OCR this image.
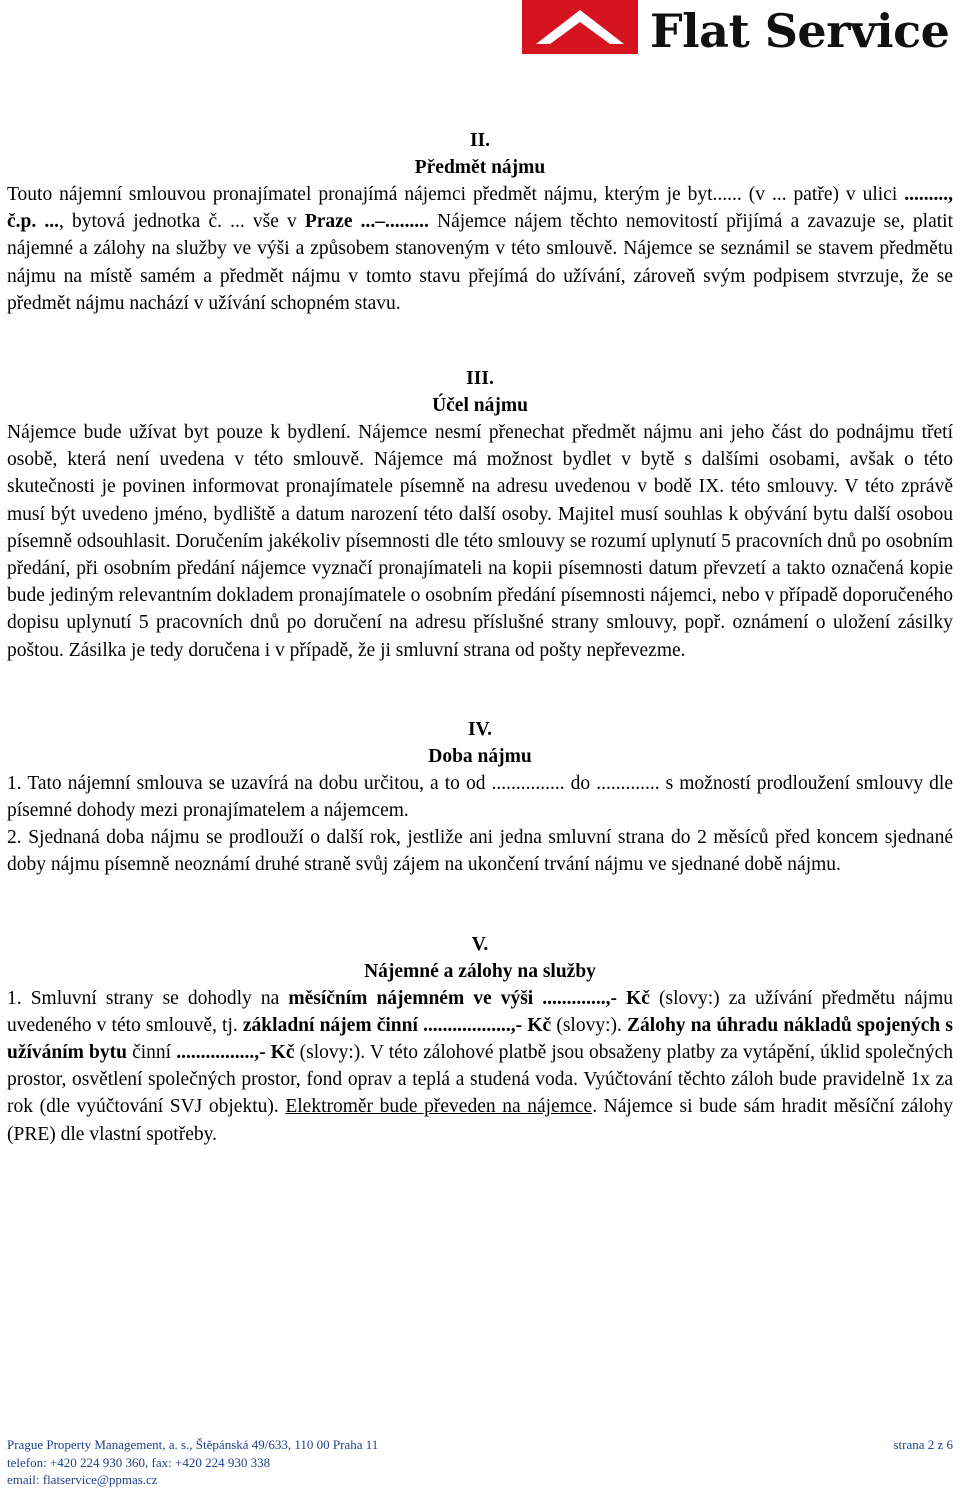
Flat Service
II.
Předmět nájmu

Touto nájemní smlouvou pronajímatel pronajímá nájemci předmět nájmu, kterým je byt...... (v ... patře) v ulici ........., č.p. ..., bytová jednotka č. ... vše v Praze ...–......... Nájemce nájem těchto nemovitostí přijímá a zavazuje se, platit nájemné a zálohy na služby ve výši a způsobem stanoveným v této smlouvě. Nájemce se seznámil se stavem předmětu nájmu na místě samém a předmět nájmu v tomto stavu přejímá do užívání, zároveň svým podpisem stvrzuje, že se předmět nájmu nachází v užívání schopném stavu.

III.
Účel nájmu

Nájemce bude užívat byt pouze k bydlení. Nájemce nesmí přenechat předmět nájmu ani jeho část do podnájmu třetí osobě, která není uvedena v této smlouvě. Nájemce má možnost bydlet v bytě s dalšími osobami, avšak o této skutečnosti je povinen informovat pronajímatele písemně na adresu uvedenou v bodě IX. této smlouvy. V této zprávě musí být uvedeno jméno, bydliště a datum narození této další osoby. Majitel musí souhlas k obývání bytu další osobou písemně odsouhlasit. Doručením jakékoliv písemnosti dle této smlouvy se rozumí uplynutí 5 pracovních dnů po osobním předání, při osobním předání nájemce vyznačí pronajímateli na kopii písemnosti datum převzetí a takto označená kopie bude jediným relevantním dokladem pronajímatele o osobním předání písemnosti nájemci, nebo v případě doporučeného dopisu uplynutí 5 pracovních dnů po doručení na adresu příslušné strany smlouvy, popř. oznámení o uložení zásilky poštou. Zásilka je tedy doručena i v případě, že ji smluvní strana od pošty nepřevezme.

IV.
Doba nájmu

1. Tato nájemní smlouva se uzavírá na dobu určitou, a to od ............... do ............. s možností prodloužení smlouvy dle písemné dohody mezi pronajímatelem a nájemcem.

2. Sjednaná doba nájmu se prodlouží o další rok, jestliže ani jedna smluvní strana do 2 měsíců před koncem sjednané doby nájmu písemně neoznámí druhé straně svůj zájem na ukončení trvání nájmu ve sjednané době nájmu.

V.
Nájemné a zálohy na služby

1. Smluvní strany se dohodly na měsíčním nájemném ve výši .............,- Kč (slovy:) za užívání předmětu nájmu uvedeného v této smlouvě, tj. základní nájem činní ..................,- Kč (slovy:). Zálohy na úhradu nákladů spojených s užíváním bytu činní ................,- Kč (slovy:). V této zálohové platbě jsou obsaženy platby za vytápění, úklid společných prostor, osvětlení společných prostor, fond oprav a teplá a studená voda. Vyúčtování těchto záloh bude pravidelně 1x za rok (dle vyúčtování SVJ objektu). Elektroměr bude převeden na nájemce. Nájemce si bude sám hradit měsíční zálohy (PRE) dle vlastní spotřeby.

Prague Property Management, a. s., Štěpánská 49/633, 110 00 Praha 11	strana 2 z 6
telefon: +420 224 930 360, fax: +420 224 930 338
email: flatservice@ppmas.cz
